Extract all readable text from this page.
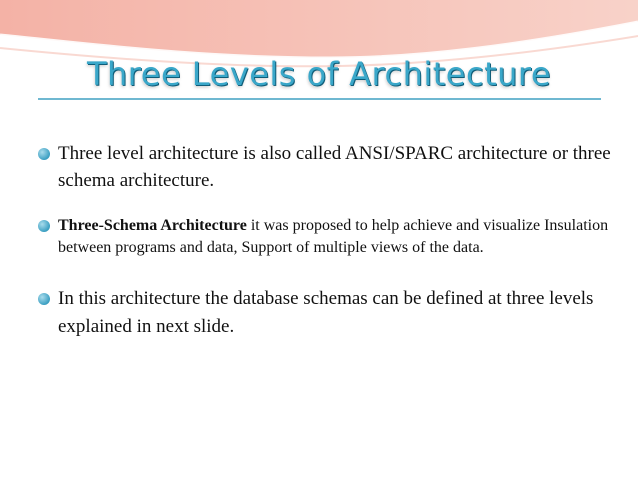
Three Levels of Architecture
Three level architecture is also called ANSI/SPARC architecture or three schema architecture.
Three-Schema Architecture it was proposed to help achieve and visualize Insulation between programs and data, Support of multiple views of the data.
In this architecture the database schemas can be defined at three levels explained in next slide.
